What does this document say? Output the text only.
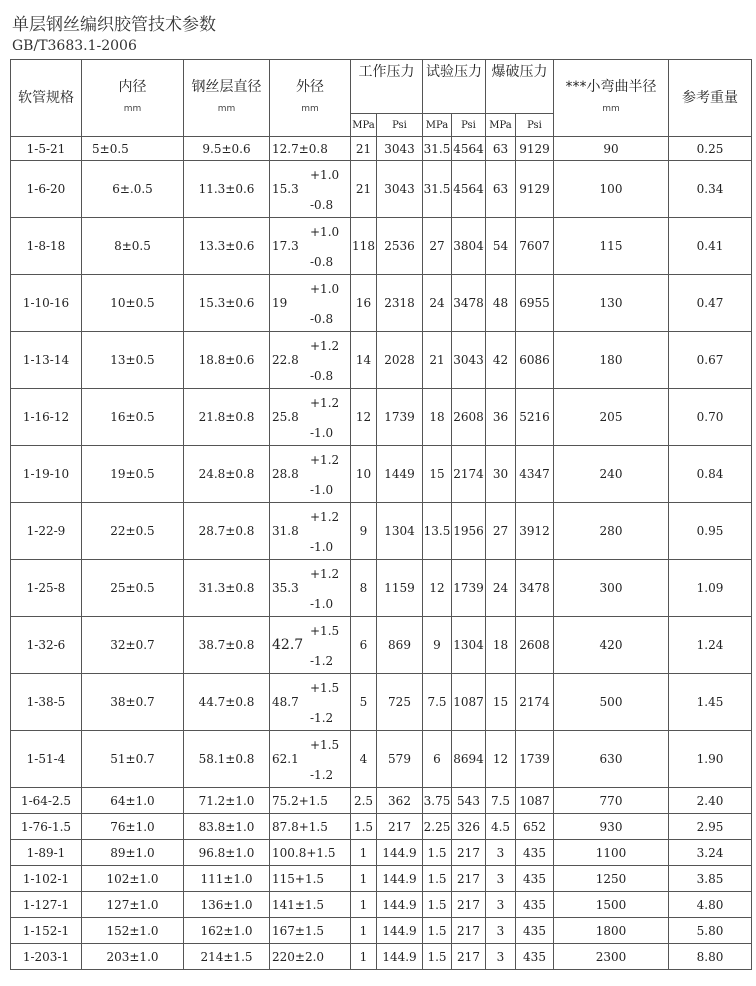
单层钢丝编织胶管技术参数
GB/T3683.1-2006
软管规格	内径
mm	钢丝层直径
mm	外径
mm	工作压力		试验压力		爆破压力		***小弯曲半径
mm	参考重量
				MPa	Psi	MPa	Psi	MPa	Psi		
1-5-21	5±0.5	9.5±0.6	12.7±0.8	21	3043	31.5	4564	63	9129	90	0.25
1-6-20	6±.0.5	11.3±0.6	15.3
+1.0
-0.8	21	3043	31.5	4564	63	9129	100	0.34
1-8-18	8±0.5	13.3±0.6	17.3
+1.0
-0.8	118	2536	27	3804	54	7607	115	0.41
1-10-16	10±0.5	15.3±0.6	19
+1.0
-0.8	16	2318	24	3478	48	6955	130	0.47
1-13-14	13±0.5	18.8±0.6	22.8
+1.2
-0.8	14	2028	21	3043	42	6086	180	0.67
1-16-12	16±0.5	21.8±0.8	25.8
+1.2
-1.0	12	1739	18	2608	36	5216	205	0.70
1-19-10	19±0.5	24.8±0.8	28.8
+1.2
-1.0	10	1449	15	2174	30	4347	240	0.84
1-22-9	22±0.5	28.7±0.8	31.8
+1.2
-1.0	9	1304	13.5	1956	27	3912	280	0.95
1-25-8	25±0.5	31.3±0.8	35.3
+1.2
-1.0	8	1159	12	1739	24	3478	300	1.09
1-32-6	32±0.7	38.7±0.8	42.7
+1.5
-1.2	6	869	9	1304	18	2608	420	1.24
1-38-5	38±0.7	44.7±0.8	48.7
+1.5
-1.2	5	725	7.5	1087	15	2174	500	1.45
1-51-4	51±0.7	58.1±0.8	62.1
+1.5
-1.2	4	579	6	8694	12	1739	630	1.90
1-64-2.5	64±1.0	71.2±1.0	75.2+1.5	2.5	362	3.75	543	7.5	1087	770	2.40
1-76-1.5	76±1.0	83.8±1.0	87.8+1.5	1.5	217	2.25	326	4.5	652	930	2.95
1-89-1	89±1.0	96.8±1.0	100.8+1.5	1	144.9	1.5	217	3	435	1100	3.24
1-102-1	102±1.0	111±1.0	115+1.5	1	144.9	1.5	217	3	435	1250	3.85
1-127-1	127±1.0	136±1.0	141±1.5	1	144.9	1.5	217	3	435	1500	4.80
1-152-1	152±1.0	162±1.0	167±1.5	1	144.9	1.5	217	3	435	1800	5.80
1-203-1	203±1.0	214±1.5	220±2.0	1	144.9	1.5	217	3	435	2300	8.80
